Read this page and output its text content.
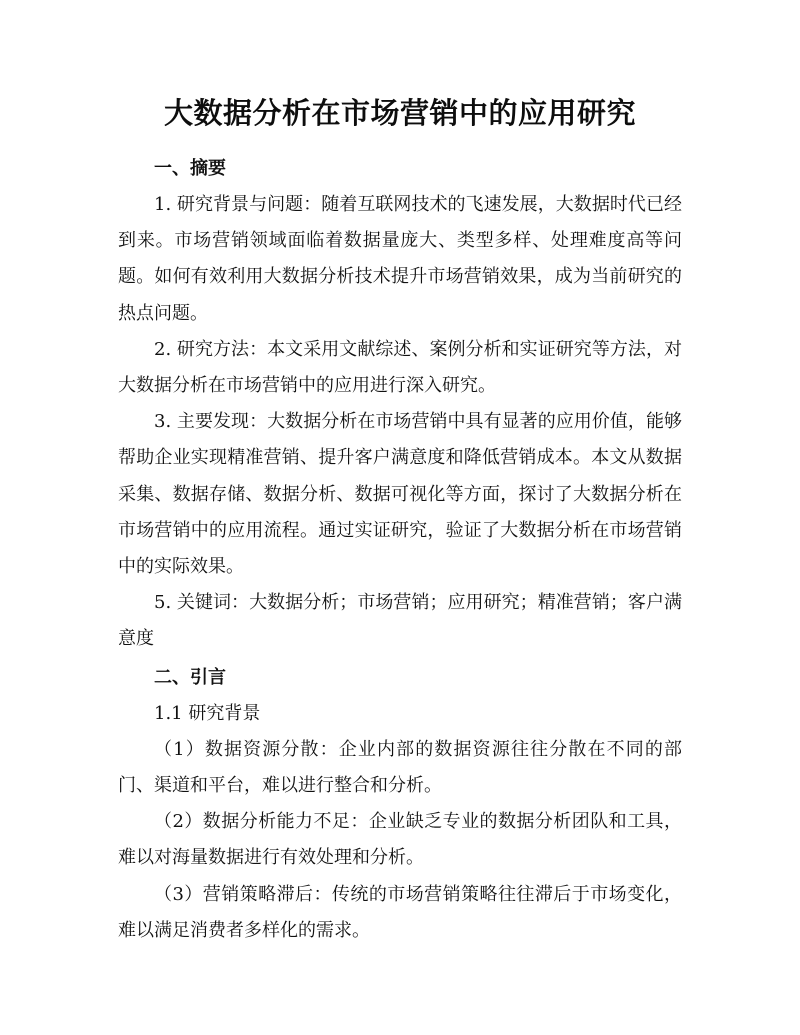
大数据分析在市场营销中的应用研究
一、摘要

1. 研究背景与问题：随着互联网技术的飞速发展，大数据时代已经到来。市场营销领域面临着数据量庞大、类型多样、处理难度高等问题。如何有效利用大数据分析技术提升市场营销效果，成为当前研究的热点问题。

2. 研究方法：本文采用文献综述、案例分析和实证研究等方法，对大数据分析在市场营销中的应用进行深入研究。

3. 主要发现：大数据分析在市场营销中具有显著的应用价值，能够帮助企业实现精准营销、提升客户满意度和降低营销成本。本文从数据采集、数据存储、数据分析、数据可视化等方面，探讨了大数据分析在市场营销中的应用流程。通过实证研究，验证了大数据分析在市场营销中的实际效果。

5. 关键词：大数据分析；市场营销；应用研究；精准营销；客户满意度

二、引言
1.1 研究背景

（1）数据资源分散：企业内部的数据资源往往分散在不同的部门、渠道和平台，难以进行整合和分析。

（2）数据分析能力不足：企业缺乏专业的数据分析团队和工具，难以对海量数据进行有效处理和分析。

（3）营销策略滞后：传统的市场营销策略往往滞后于市场变化，难以满足消费者多样化的需求。
